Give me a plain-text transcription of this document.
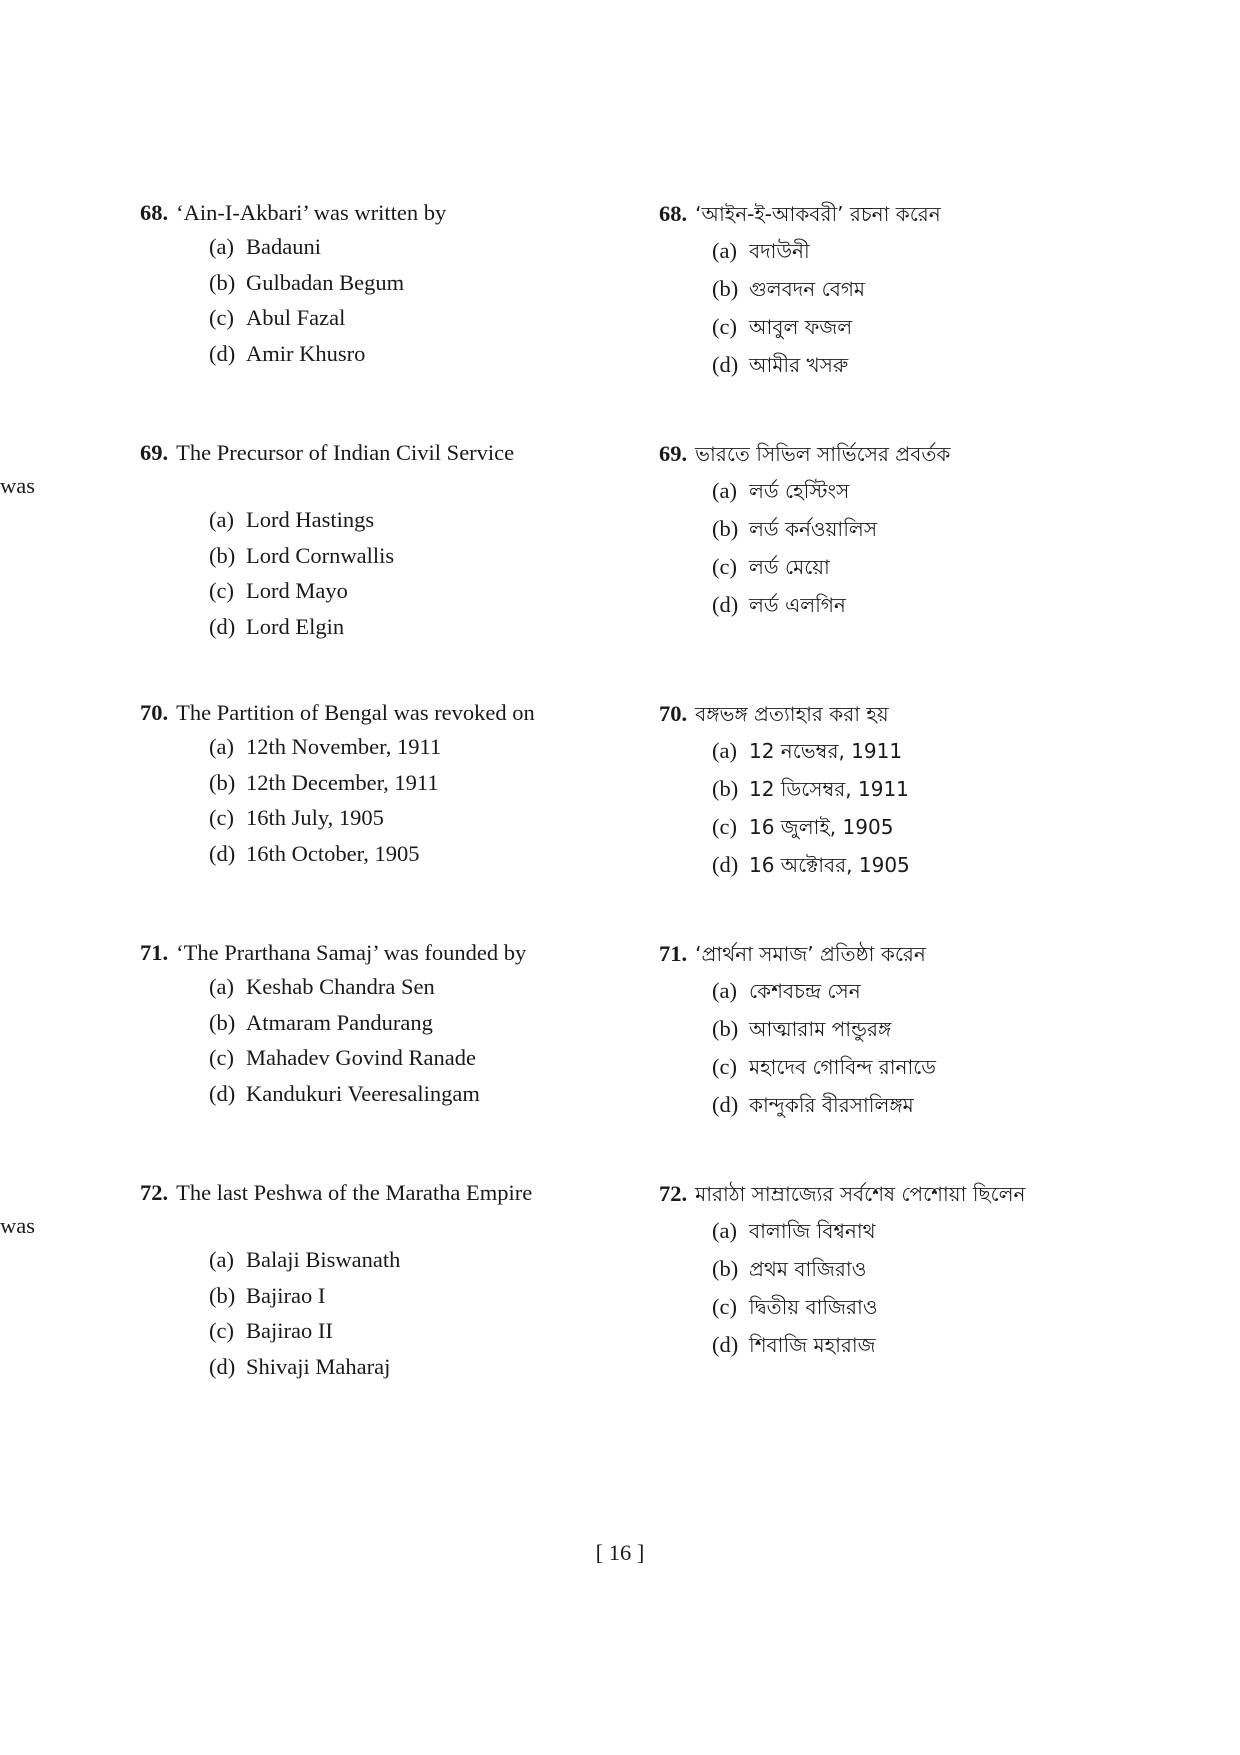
68. ‘Ain-I-Akbari’ was written by
(a) Badauni
(b) Gulbadan Begum
(c) Abul Fazal
(d) Amir Khusro
69. The Precursor of Indian Civil Service
was
(a) Lord Hastings
(b) Lord Cornwallis
(c) Lord Mayo
(d) Lord Elgin
70. The Partition of Bengal was revoked on
(a) 12th November, 1911
(b) 12th December, 1911
(c) 16th July, 1905
(d) 16th October, 1905
71. ‘The Prarthana Samaj’ was founded by
(a) Keshab Chandra Sen
(b) Atmaram Pandurang
(c) Mahadev Govind Ranade
(d) Kandukuri Veeresalingam
72. The last Peshwa of the Maratha Empire
was
(a) Balaji Biswanath
(b) Bajirao I
(c) Bajirao II
(d) Shivaji Maharaj
68. ‘আইন-ই-আকবরী’ রচনা করেন
(a) বদাউনী
(b) গুলবদন বেগম
(c) আবুল ফজল
(d) আমীর খসরু
69. ভারতে সিভিল সার্ভিসের প্রবর্তক
(a) লর্ড হেস্টিংস
(b) লর্ড কর্নওয়ালিস
(c) লর্ড মেয়ো
(d) লর্ড এলগিন
70. বঙ্গভঙ্গ প্রত্যাহার করা হয়
(a) 12 নভেম্বর, 1911
(b) 12 ডিসেম্বর, 1911
(c) 16 জুলাই, 1905
(d) 16 অক্টোবর, 1905
71. ‘প্রার্থনা সমাজ’ প্রতিষ্ঠা করেন
(a) কেশবচন্দ্র সেন
(b) আত্মারাম পান্ডুরঙ্গ
(c) মহাদেব গোবিন্দ রানাডে
(d) কান্দুকরি বীরসালিঙ্গম
72. মারাঠা সাম্রাজ্যের সর্বশেষ পেশোয়া ছিলেন
(a) বালাজি বিশ্বনাথ
(b) প্রথম বাজিরাও
(c) দ্বিতীয় বাজিরাও
(d) শিবাজি মহারাজ
[ 16 ]
